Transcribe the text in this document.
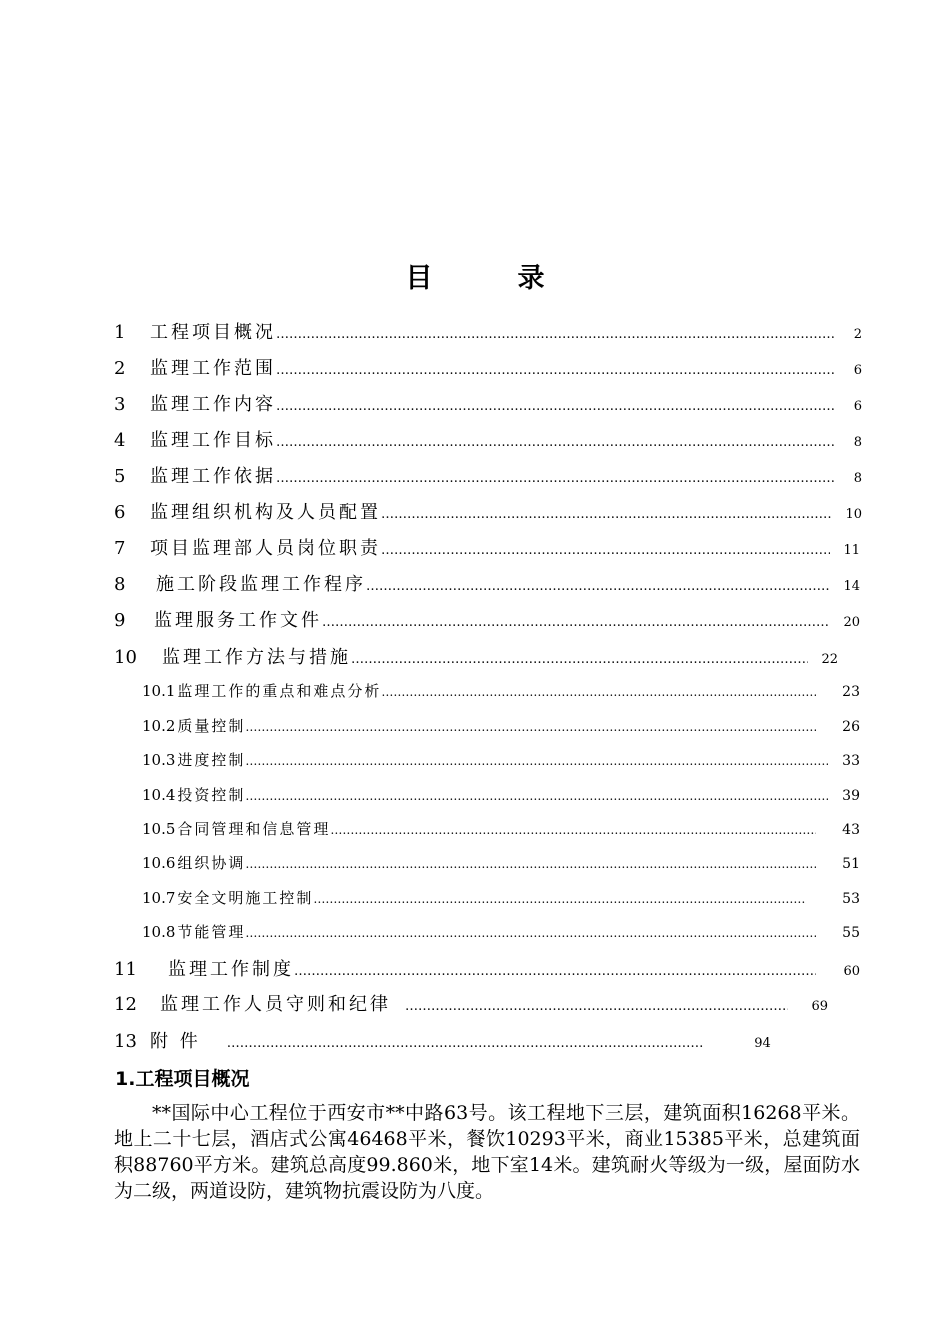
目	录
1	工程项目概况 ……………………………………………………………………………………………………………………………………………………………………………………………………	2
2	监理工作范围 ……………………………………………………………………………………………………………………………………………………………………………………………………	6
3	监理工作内容 ……………………………………………………………………………………………………………………………………………………………………………………………………	6
4	监理工作目标 ……………………………………………………………………………………………………………………………………………………………………………………………………	8
5	监理工作依据 ……………………………………………………………………………………………………………………………………………………………………………………………………	8
6	监理组织机构及人员配置 ……………………………………………………………………………………………………………………………………………………………………………………………………	10
7	项目监理部人员岗位职责 ……………………………………………………………………………………………………………………………………………………………………………………………………	11
8	施工阶段监理工作程序 ……………………………………………………………………………………………………………………………………………………………………………………………………	14
9	监理服务工作文件 ……………………………………………………………………………………………………………………………………………………………………………………………………	20
10	监理工作方法与措施 ……………………………………………………………………………………………………………………………………………………………………………………………………	22
10.1 监理工作的重点和难点分析 ……………………………………………………………………………………………………………………………………………………………………………………………………	23
10.2 质量控制 ……………………………………………………………………………………………………………………………………………………………………………………………………	26
10.3 进度控制 ……………………………………………………………………………………………………………………………………………………………………………………………………	33
10.4 投资控制 ……………………………………………………………………………………………………………………………………………………………………………………………………	39
10.5 合同管理和信息管理 ……………………………………………………………………………………………………………………………………………………………………………………………………	43
10.6 组织协调 ……………………………………………………………………………………………………………………………………………………………………………………………………	51
10.7 安全文明施工控制 ……………………………………………………………………………………………………………………………………………………………………………………………………	53
10.8 节能管理 ……………………………………………………………………………………………………………………………………………………………………………………………………	55
11	监理工作制度 ……………………………………………………………………………………………………………………………………………………………………………………………………	60
12	监理工作人员守则和纪律 ……………………………………………………………………………………………………………………………………………………………………………………………………	69
13 附 件 ……………………………………………………………………………………………………………………………………………………………………………………………………	94
1.工程项目概况

**国际中心工程位于西安市**中路63号。该工程地下三层，建筑面积16268平米。地上二十七层，酒店式公寓46468平米，餐饮10293平米，商业15385平米，总建筑面积88760平方米。建筑总高度99.860米，地下室14米。建筑耐火等级为一级，屋面防水为二级，两道设防，建筑物抗震设防为八度。
